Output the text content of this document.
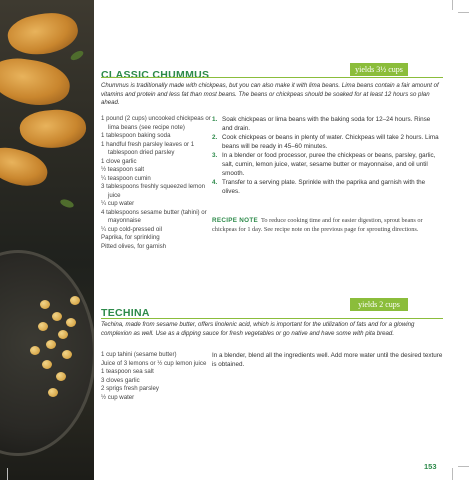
yields 3½ cups
CLASSIC CHUMMUS

Chummus is traditionally made with chickpeas, but you can also make it with lima beans. Lima beans contain a fair amount of vitamins and protein and less fat than most beans. The beans or chickpeas should be soaked for at least 12 hours so plan ahead.

1 pound (2 cups) uncooked chickpeas or lima beans (see recipe note)
1 tablespoon baking soda
1 handful fresh parsley leaves or 1 tablespoon dried parsley
1 clove garlic
½ teaspoon salt
¼ teaspoon cumin
3 tablespoons freshly squeezed lemon juice
¼ cup water
4 tablespoons sesame butter (tahini) or mayonnaise
¼ cup cold-pressed oil
Paprika, for sprinkling
Pitted olives, for garnish
1. Soak chickpeas or lima beans with the baking soda for 12–24 hours. Rinse and drain.
2. Cook chickpeas or beans in plenty of water. Chickpeas will take 2 hours. Lima beans will be ready in 45–60 minutes.
3. In a blender or food processor, puree the chickpeas or beans, parsley, garlic, salt, cumin, lemon juice, water, sesame butter or mayonnaise, and oil until smooth.
4. Transfer to a serving plate. Sprinkle with the paprika and garnish with the olives.
RECIPE NOTE To reduce cooking time and for easier digestion, sprout beans or chickpeas for 1 day. See recipe note on the previous page for sprouting directions.
yields 2 cups
TECHINA

Techina, made from sesame butter, offers linolenic acid, which is important for the utilization of fats and for a glowing complexion as well. Use as a dipping sauce for fresh vegetables or go native and have some with pita bread.

1 cup tahini (sesame butter)
Juice of 3 lemons or ½ cup lemon juice
1 teaspoon sea salt
3 cloves garlic
2 sprigs fresh parsley
½ cup water

In a blender, blend all the ingredients well. Add more water until the desired texture is obtained.

153
